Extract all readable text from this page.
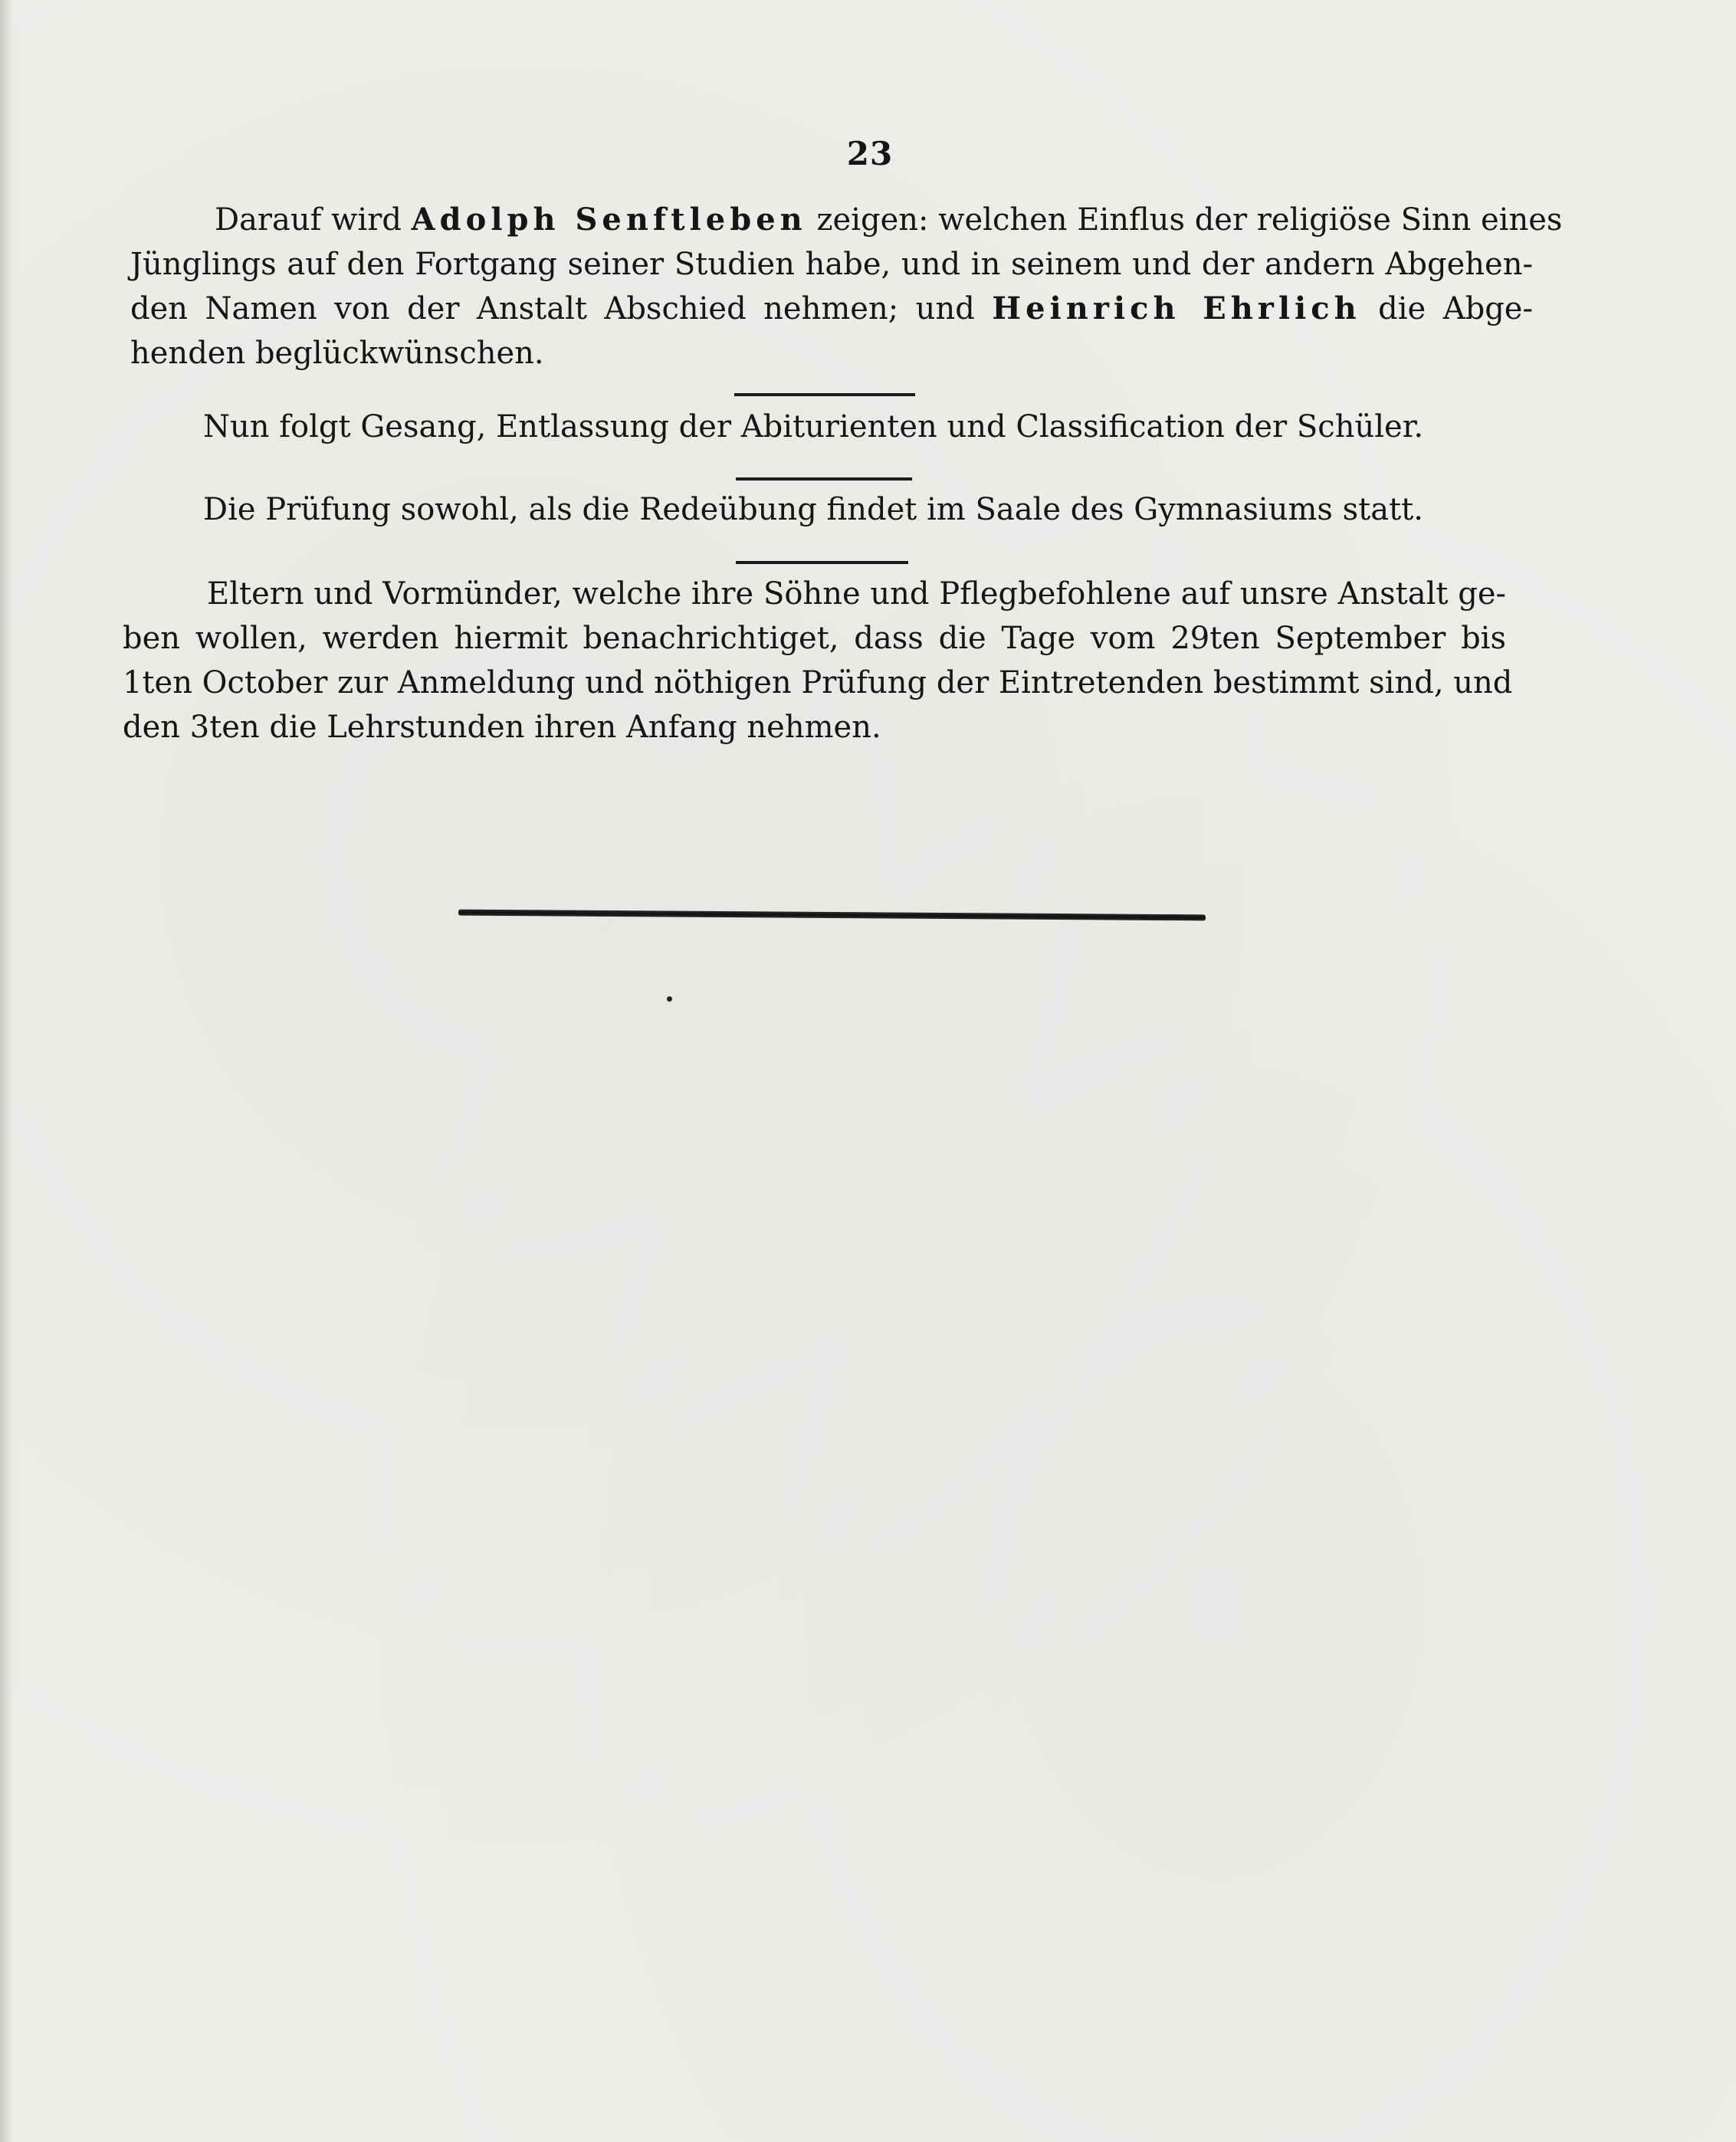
23
Darauf wird Adolph Senftleben zeigen: welchen Einflus der religiöse Sinn eines
Jünglings auf den Fortgang seiner Studien habe, und in seinem und der andern Abgehen-
den Namen von der Anstalt Abschied nehmen; und Heinrich Ehrlich die Abge-
henden beglückwünschen.
Nun folgt Gesang, Entlassung der Abiturienten und Classification der Schüler.
Die Prüfung sowohl, als die Redeübung findet im Saale des Gymnasiums statt.
Eltern und Vormünder, welche ihre Söhne und Pflegbefohlene auf unsre Anstalt ge-
ben wollen, werden hiermit benachrichtiget, dass die Tage vom 29ten September bis
1ten October zur Anmeldung und nöthigen Prüfung der Eintretenden bestimmt sind, und
den 3ten die Lehrstunden ihren Anfang nehmen.
